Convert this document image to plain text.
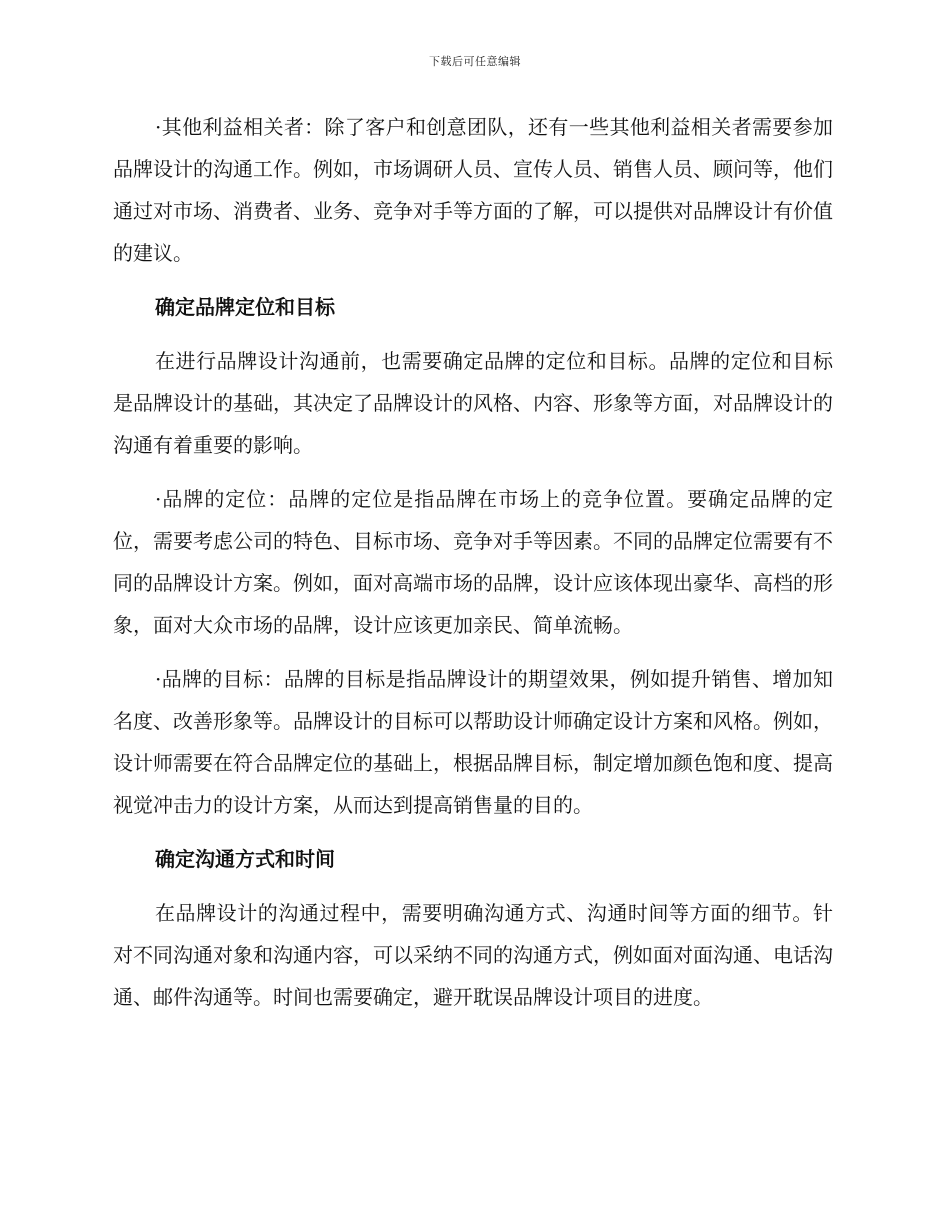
下载后可任意编辑

·其他利益相关者：除了客户和创意团队，还有一些其他利益相关者需要参加品牌设计的沟通工作。例如，市场调研人员、宣传人员、销售人员、顾问等，他们通过对市场、消费者、业务、竞争对手等方面的了解，可以提供对品牌设计有价值的建议。

确定品牌定位和目标

在进行品牌设计沟通前，也需要确定品牌的定位和目标。品牌的定位和目标是品牌设计的基础，其决定了品牌设计的风格、内容、形象等方面，对品牌设计的沟通有着重要的影响。

·品牌的定位：品牌的定位是指品牌在市场上的竞争位置。要确定品牌的定位，需要考虑公司的特色、目标市场、竞争对手等因素。不同的品牌定位需要有不同的品牌设计方案。例如，面对高端市场的品牌，设计应该体现出豪华、高档的形象，面对大众市场的品牌，设计应该更加亲民、简单流畅。

·品牌的目标：品牌的目标是指品牌设计的期望效果，例如提升销售、增加知名度、改善形象等。品牌设计的目标可以帮助设计师确定设计方案和风格。例如，设计师需要在符合品牌定位的基础上，根据品牌目标，制定增加颜色饱和度、提高视觉冲击力的设计方案，从而达到提高销售量的目的。

确定沟通方式和时间

在品牌设计的沟通过程中，需要明确沟通方式、沟通时间等方面的细节。针对不同沟通对象和沟通内容，可以采纳不同的沟通方式，例如面对面沟通、电话沟通、邮件沟通等。时间也需要确定，避开耽误品牌设计项目的进度。
